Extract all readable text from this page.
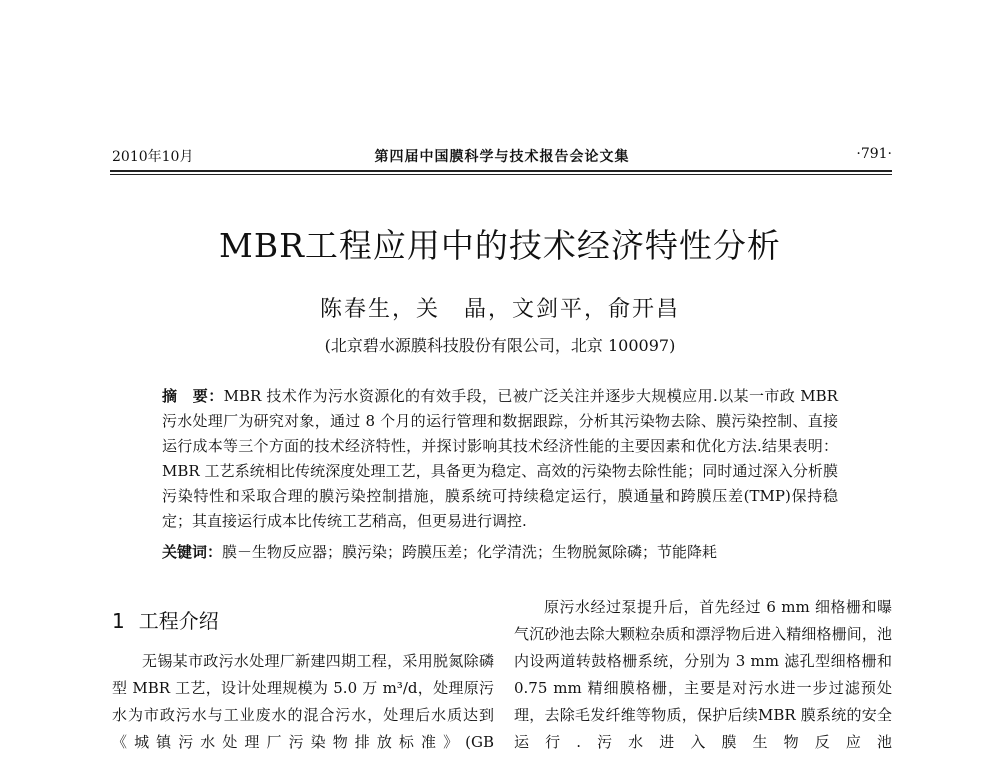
2010年10月	第四届中国膜科学与技术报告会论文集	·791·
MBR工程应用中的技术经济特性分析
陈春生，关　晶，文剑平，俞开昌
(北京碧水源膜科技股份有限公司，北京 100097)
摘　要：MBR 技术作为污水资源化的有效手段，已被广泛关注并逐步大规模应用.以某一市政 MBR 污水处理厂为研究对象，通过 8 个月的运行管理和数据跟踪，分析其污染物去除、膜污染控制、直接运行成本等三个方面的技术经济特性，并探讨影响其技术经济性能的主要因素和优化方法.结果表明：MBR 工艺系统相比传统深度处理工艺，具备更为稳定、高效的污染物去除性能；同时通过深入分析膜污染特性和采取合理的膜污染控制措施，膜系统可持续稳定运行，膜通量和跨膜压差(TMP)保持稳定；其直接运行成本比传统工艺稍高，但更易进行调控.
关键词：膜－生物反应器；膜污染；跨膜压差；化学清洗；生物脱氮除磷；节能降耗
1 工程介绍
无锡某市政污水处理厂新建四期工程，采用脱氮除磷型 MBR 工艺，设计处理规模为 5.0 万 m³/d，处理原污水为市政污水与工业废水的混合污水，处理后水质达到《城镇污水处理厂污染物排放标准》(GB
原污水经过泵提升后，首先经过 6 mm 细格栅和曝气沉砂池去除大颗粒杂质和漂浮物后进入精细格栅间，池内设两道转鼓格栅系统，分别为 3 mm 滤孔型细格栅和 0.75 mm 精细膜格栅，主要是对污水进一步过滤预处理，去除毛发纤维等物质，保护后续MBR 膜系统的安全运行.污水进入膜生物反应池
